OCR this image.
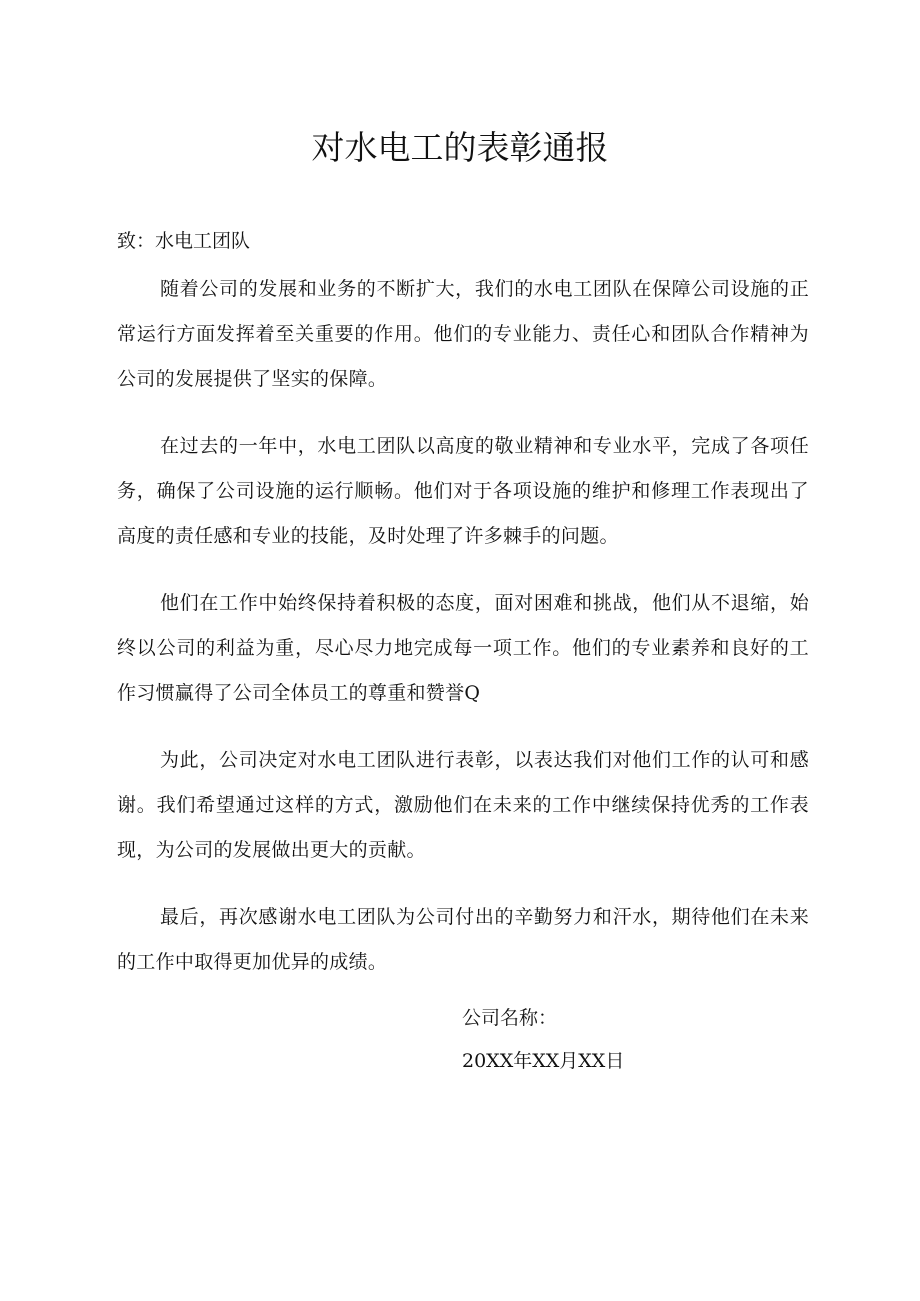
对水电工的表彰通报

致：水电工团队

随着公司的发展和业务的不断扩大，我们的水电工团队在保障公司设施的正常运行方面发挥着至关重要的作用。他们的专业能力、责任心和团队合作精神为公司的发展提供了坚实的保障。

在过去的一年中，水电工团队以高度的敬业精神和专业水平，完成了各项任务，确保了公司设施的运行顺畅。他们对于各项设施的维护和修理工作表现出了高度的责任感和专业的技能，及时处理了许多棘手的问题。

他们在工作中始终保持着积极的态度，面对困难和挑战，他们从不退缩，始终以公司的利益为重，尽心尽力地完成每一项工作。他们的专业素养和良好的工作习惯赢得了公司全体员工的尊重和赞誉Q

为此，公司决定对水电工团队进行表彰，以表达我们对他们工作的认可和感谢。我们希望通过这样的方式，激励他们在未来的工作中继续保持优秀的工作表现，为公司的发展做出更大的贡献。

最后，再次感谢水电工团队为公司付出的辛勤努力和汗水，期待他们在未来的工作中取得更加优异的成绩。

公司名称：

20XX年XX月XX日
